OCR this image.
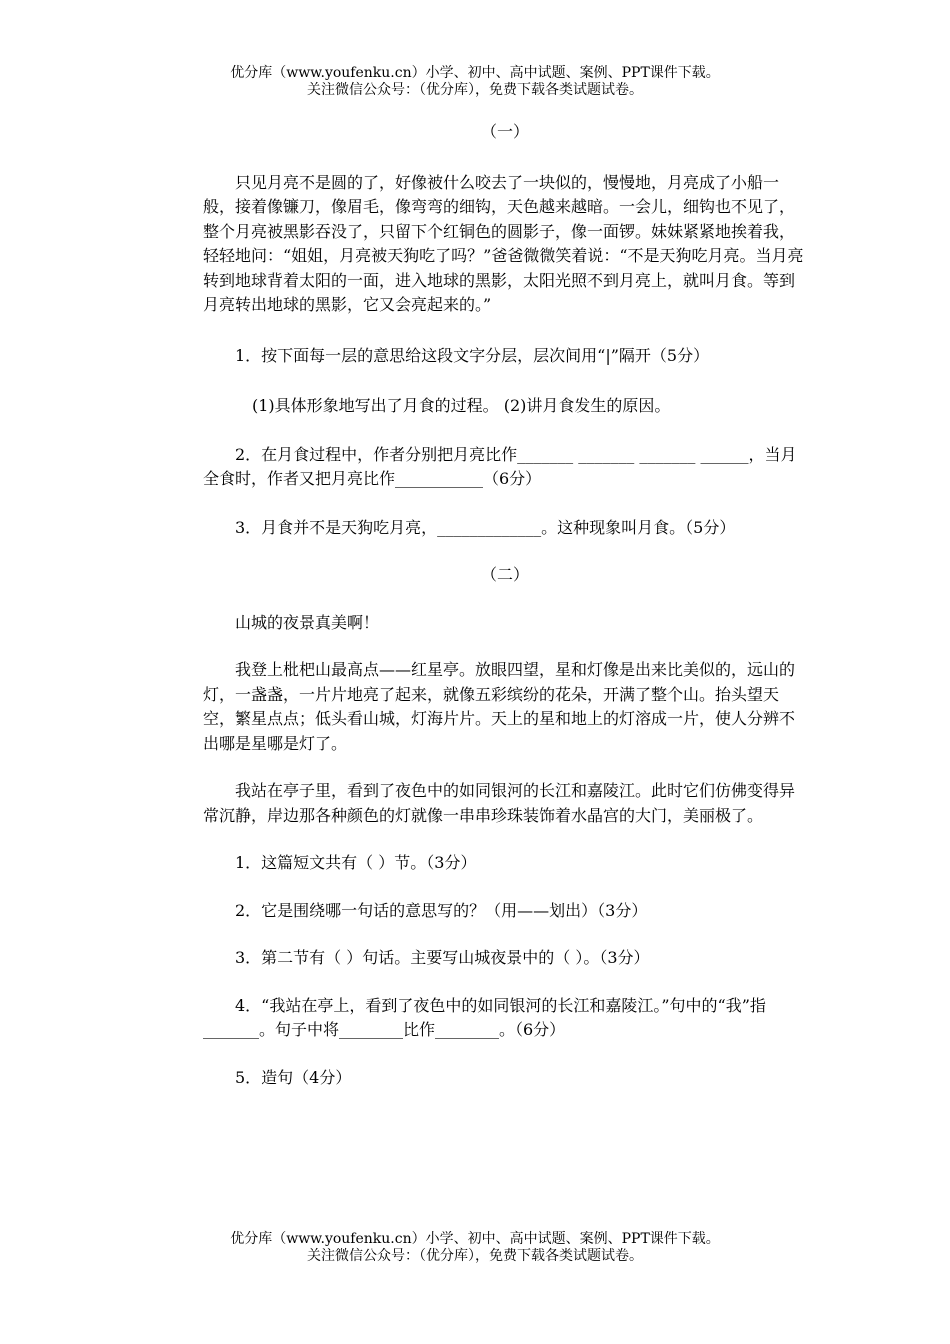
优分库（www.youfenku.cn）小学、初中、高中试题、案例、PPT课件下载。
关注微信公众号：（优分库），免费下载各类试题试卷。

（一）

只见月亮不是圆的了，好像被什么咬去了一块似的，慢慢地，月亮成了小船一般，接着像镰刀，像眉毛，像弯弯的细钩，天色越来越暗。一会儿，细钩也不见了，整个月亮被黑影吞没了，只留下个红铜色的圆影子，像一面锣。妹妹紧紧地挨着我，轻轻地问：“姐姐，月亮被天狗吃了吗？”爸爸微微笑着说：“不是天狗吃月亮。当月亮转到地球背着太阳的一面，进入地球的黑影，太阳光照不到月亮上，就叫月食。等到月亮转出地球的黑影，它又会亮起来的。”

1．按下面每一层的意思给这段文字分层，层次间用“|”隔开（5分）

(1)具体形象地写出了月食的过程。 (2)讲月食发生的原因。

2．在月食过程中，作者分别把月亮比作_______ _______ _______ ______，当月全食时，作者又把月亮比作___________（6分）

3．月食并不是天狗吃月亮，_____________。这种现象叫月食。（5分）

（二）

山城的夜景真美啊！

我登上枇杷山最高点——红星亭。放眼四望，星和灯像是出来比美似的，远山的灯，一盏盏，一片片地亮了起来，就像五彩缤纷的花朵，开满了整个山。抬头望天空，繁星点点；低头看山城，灯海片片。天上的星和地上的灯溶成一片，使人分辨不出哪是星哪是灯了。

我站在亭子里，看到了夜色中的如同银河的长江和嘉陵江。此时它们仿佛变得异常沉静，岸边那各种颜色的灯就像一串串珍珠装饰着水晶宫的大门，美丽极了。

1．这篇短文共有（ ）节。（3分）

2．它是围绕哪一句话的意思写的？（用——划出）（3分）

3．第二节有（ ）句话。主要写山城夜景中的（ ）。（3分）

4．“我站在亭上，看到了夜色中的如同银河的长江和嘉陵江。”句中的“我”指_______。句子中将________比作________。（6分）

5．造句（4分）

优分库（www.youfenku.cn）小学、初中、高中试题、案例、PPT课件下载。
关注微信公众号：（优分库），免费下载各类试题试卷。
